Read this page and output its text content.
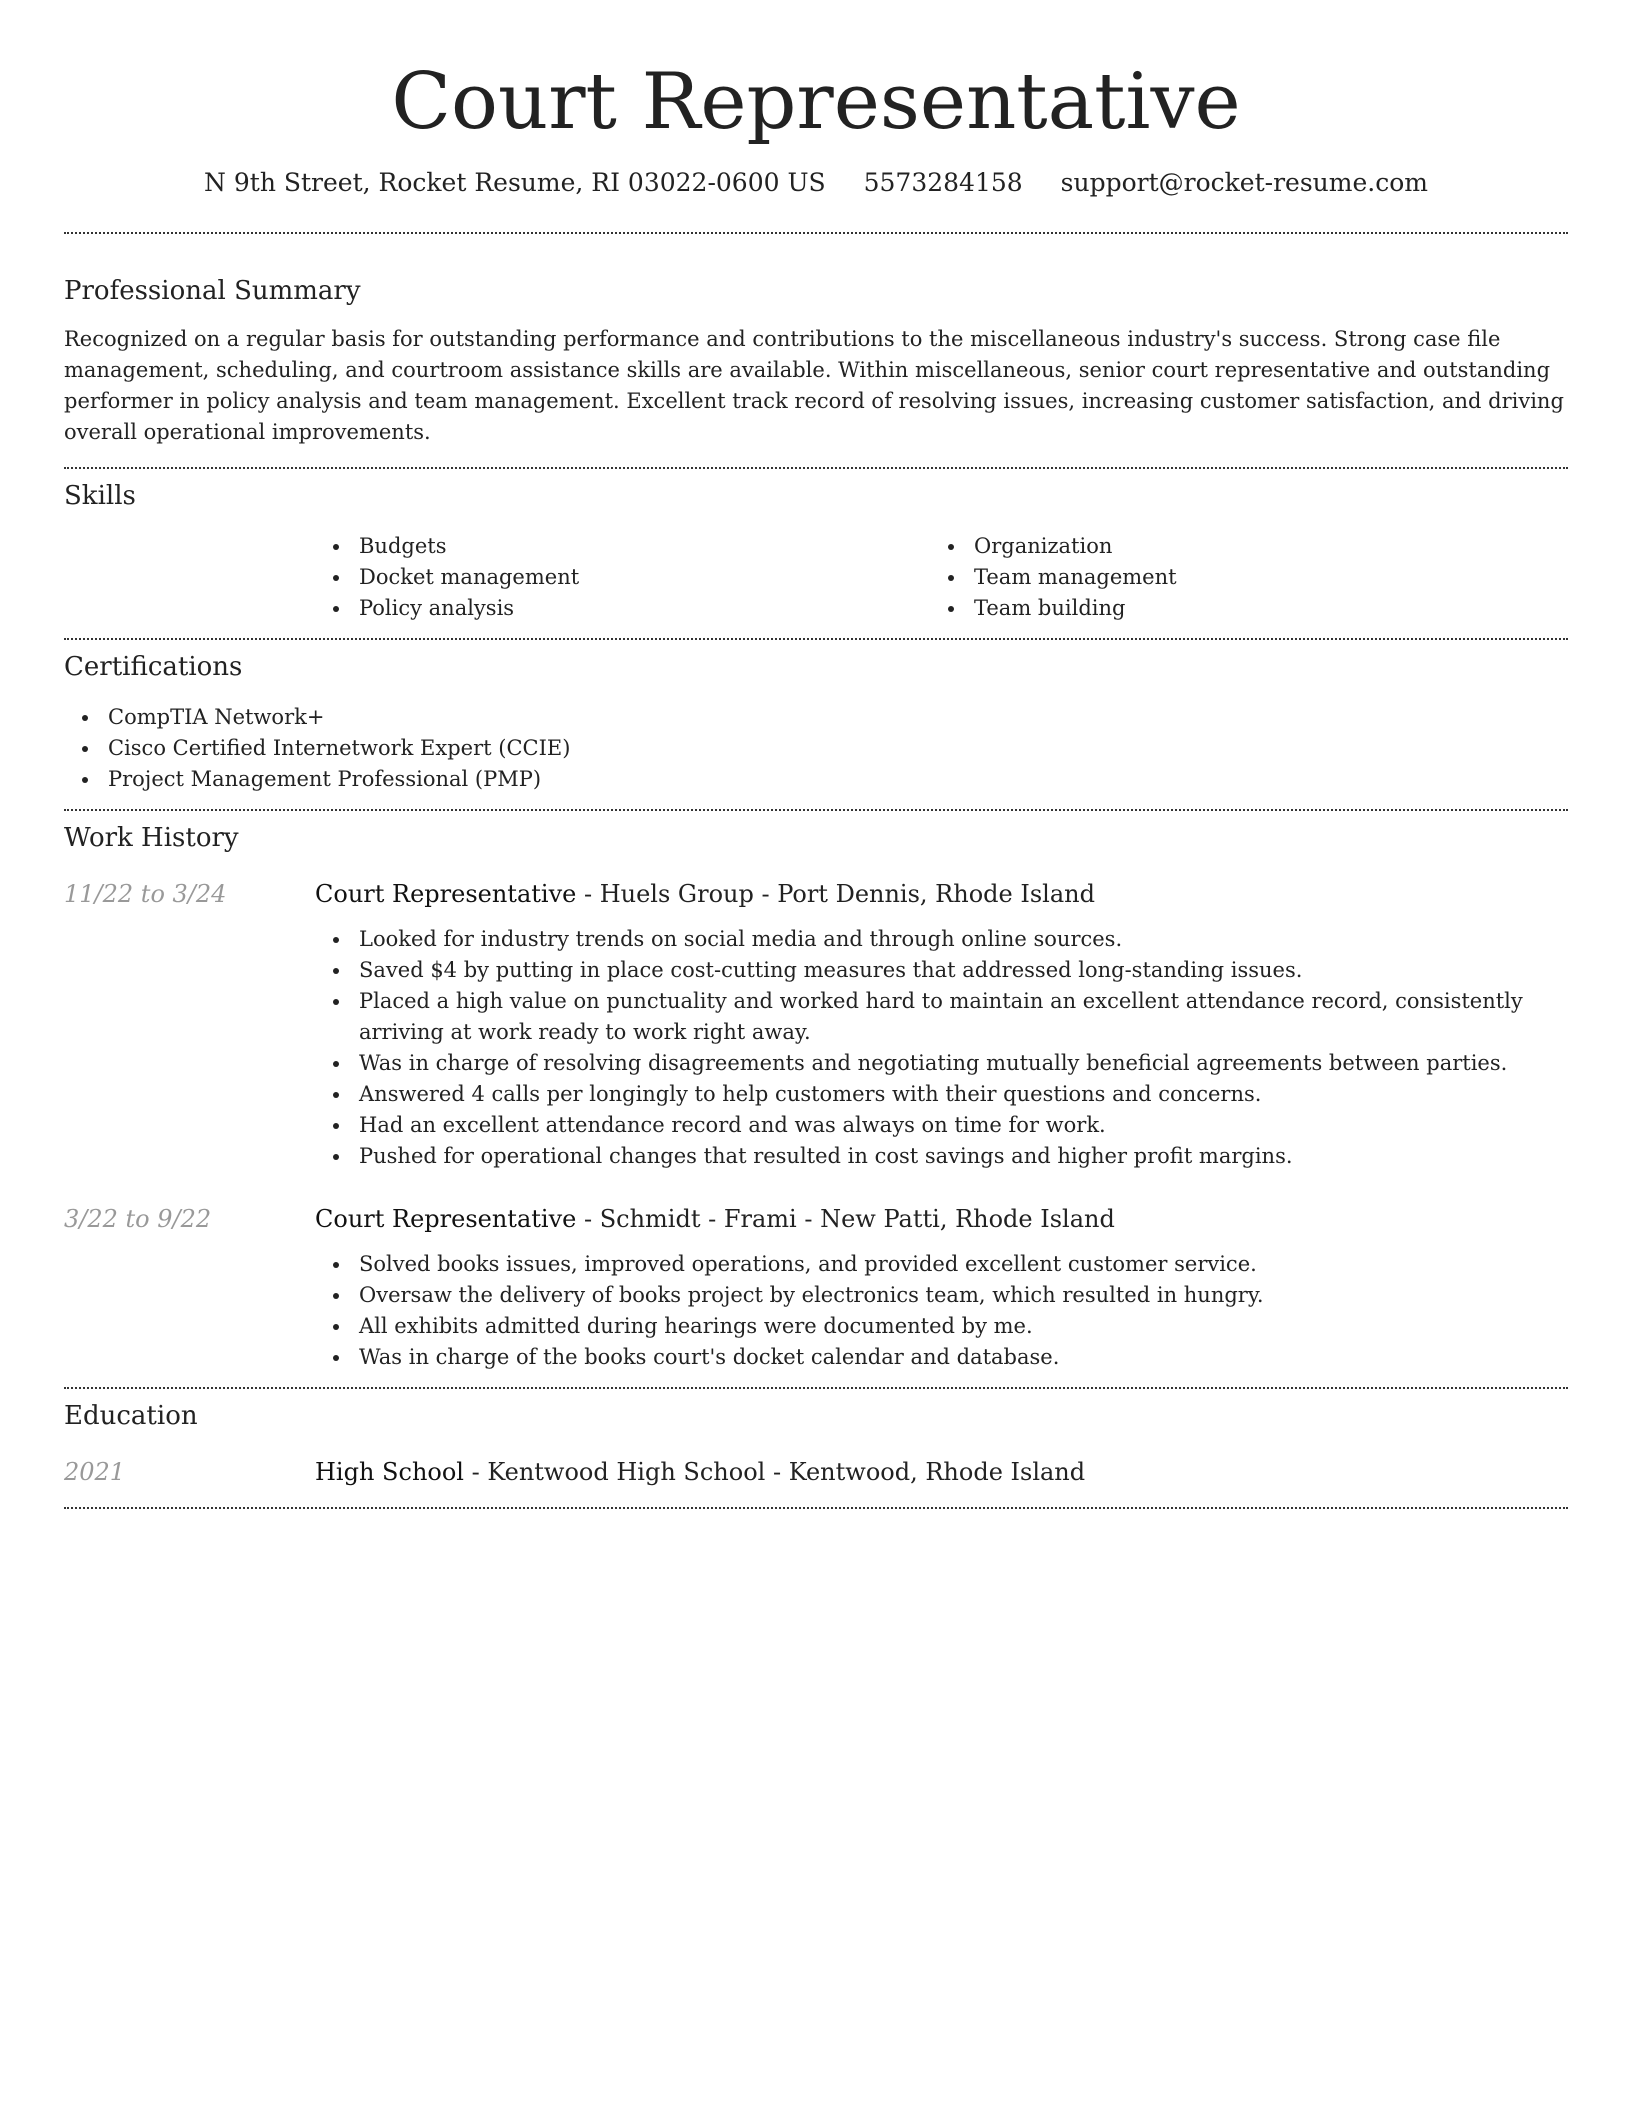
Court Representative
N 9th Street, Rocket Resume, RI 03022-0600 US 5573284158 support@rocket-resume.com
Professional Summary

Recognized on a regular basis for outstanding performance and contributions to the miscellaneous industry's success. Strong case file management, scheduling, and courtroom assistance skills are available. Within miscellaneous, senior court representative and outstanding performer in policy analysis and team management. Excellent track record of resolving issues, increasing customer satisfaction, and driving overall operational improvements.

Skills
Budgets
Docket management
Policy analysis
Organization
Team management
Team building
Certifications
CompTIA Network+
Cisco Certified Internetwork Expert (CCIE)
Project Management Professional (PMP)
Work History
11/22 to 3/24	Court Representative - Huels Group - Port Dennis, Rhode Island
Looked for industry trends on social media and through online sources.
Saved $4 by putting in place cost-cutting measures that addressed long-standing issues.
Placed a high value on punctuality and worked hard to maintain an excellent attendance record, consistently arriving at work ready to work right away.
Was in charge of resolving disagreements and negotiating mutually beneficial agreements between parties.
Answered 4 calls per longingly to help customers with their questions and concerns.
Had an excellent attendance record and was always on time for work.
Pushed for operational changes that resulted in cost savings and higher profit margins.
3/22 to 9/22	Court Representative - Schmidt - Frami - New Patti, Rhode Island
Solved books issues, improved operations, and provided excellent customer service.
Oversaw the delivery of books project by electronics team, which resulted in hungry.
All exhibits admitted during hearings were documented by me.
Was in charge of the books court's docket calendar and database.
Education
2021	High School - Kentwood High School - Kentwood, Rhode Island
